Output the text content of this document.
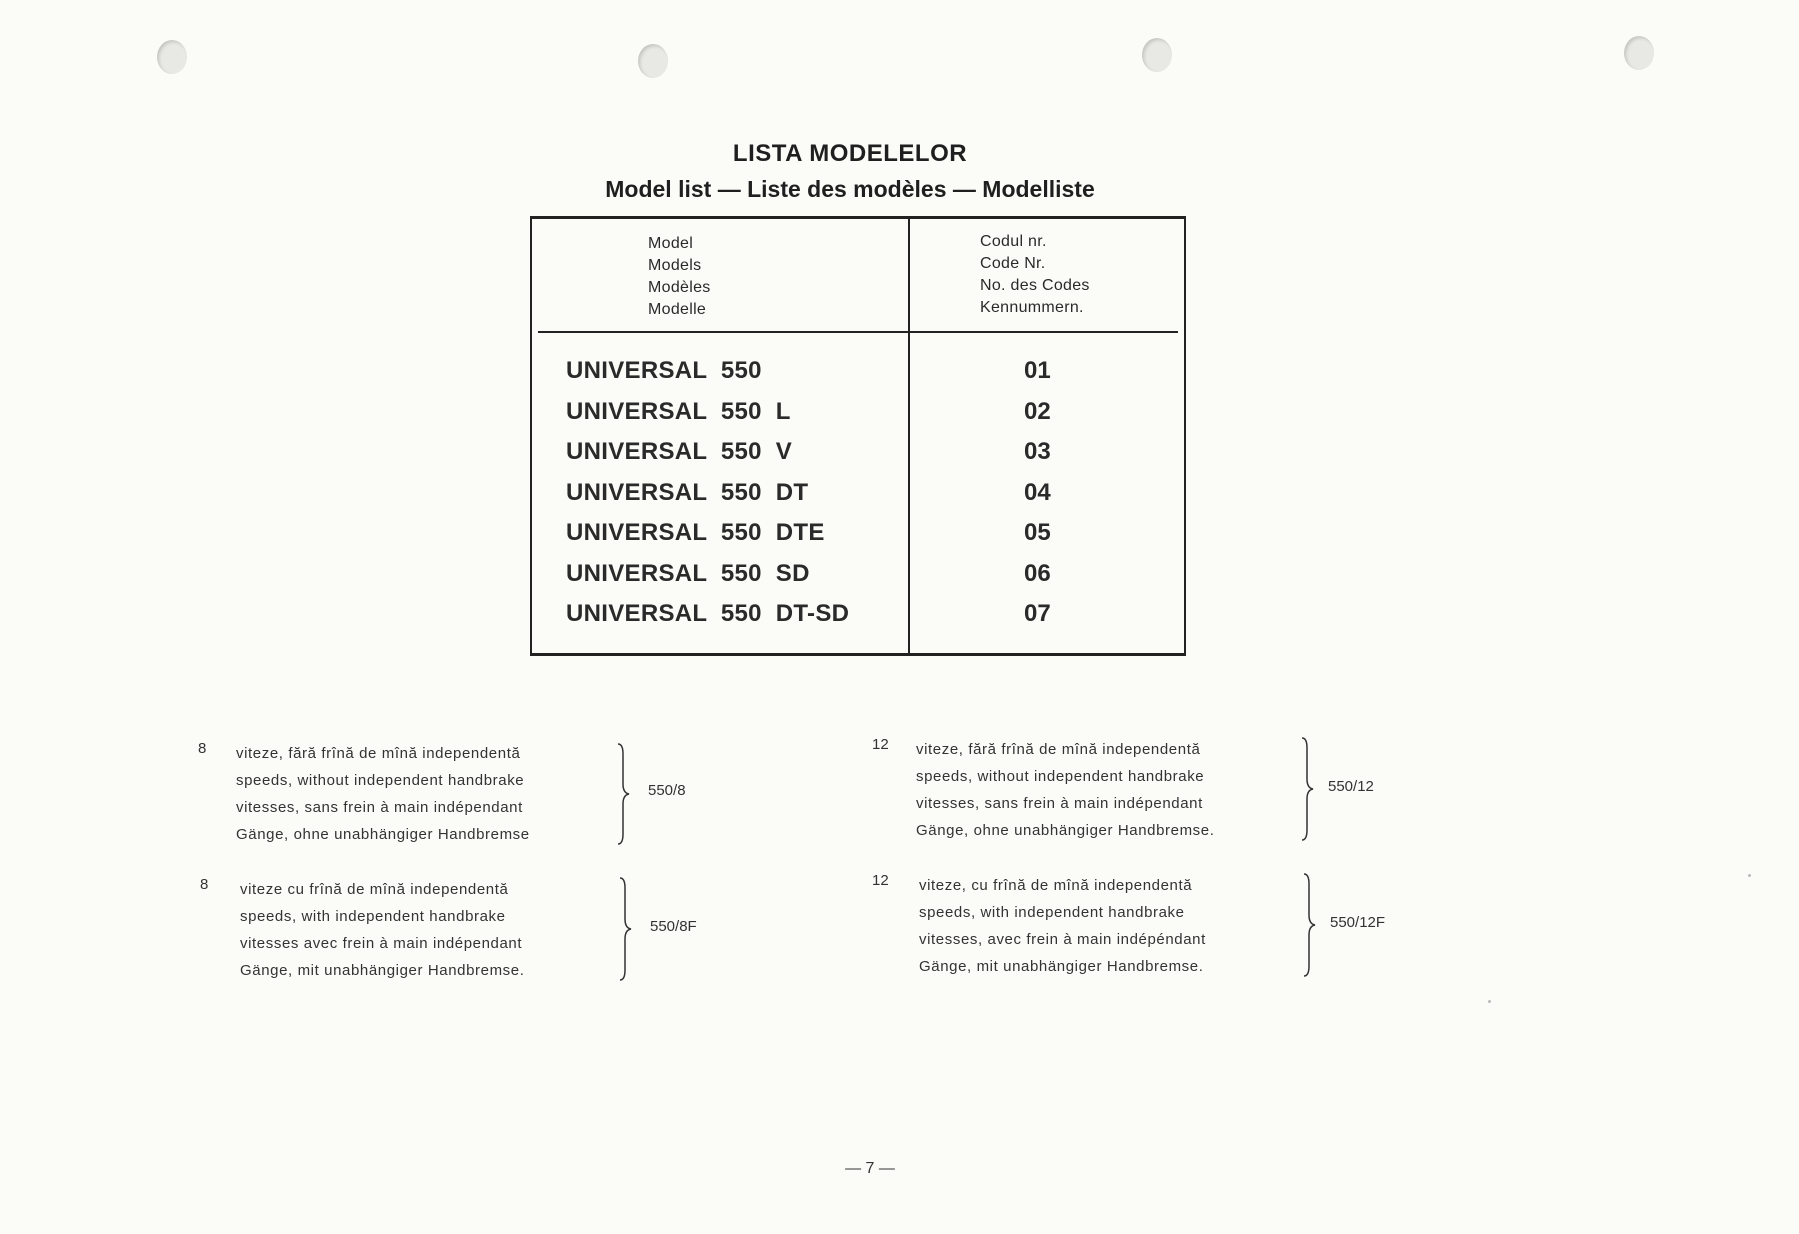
LISTA MODELELOR
Model list — Liste des modèles — Modelliste
Model
Models
Modèles
Modelle
Codul nr.
Code Nr.
No. des Codes
Kennummern.
UNIVERSAL  550	01
UNIVERSAL  550  L	02
UNIVERSAL  550  V	03
UNIVERSAL  550  DT	04
UNIVERSAL  550  DTE	05
UNIVERSAL  550  SD	06
UNIVERSAL  550  DT-SD	07
8 viteze, fără frînă de mînă independentă
speeds, without independent handbrake
vitesses, sans frein à main indépendant
Gänge, ohne unabhängiger Handbremse
550/8
12 viteze, fără frînă de mînă independentă
speeds, without independent handbrake
vitesses, sans frein à main indépendant
Gänge, ohne unabhängiger Handbremse.
550/12
8 viteze cu frînă de mînă independentă
speeds, with independent handbrake
vitesses avec frein à main indépendant
Gänge, mit unabhängiger Handbremse.
550/8F
12 viteze, cu frînă de mînă independentă
speeds, with independent handbrake
vitesses, avec frein à main indépéndant
Gänge, mit unabhängiger Handbremse.
550/12F
— 7 —
